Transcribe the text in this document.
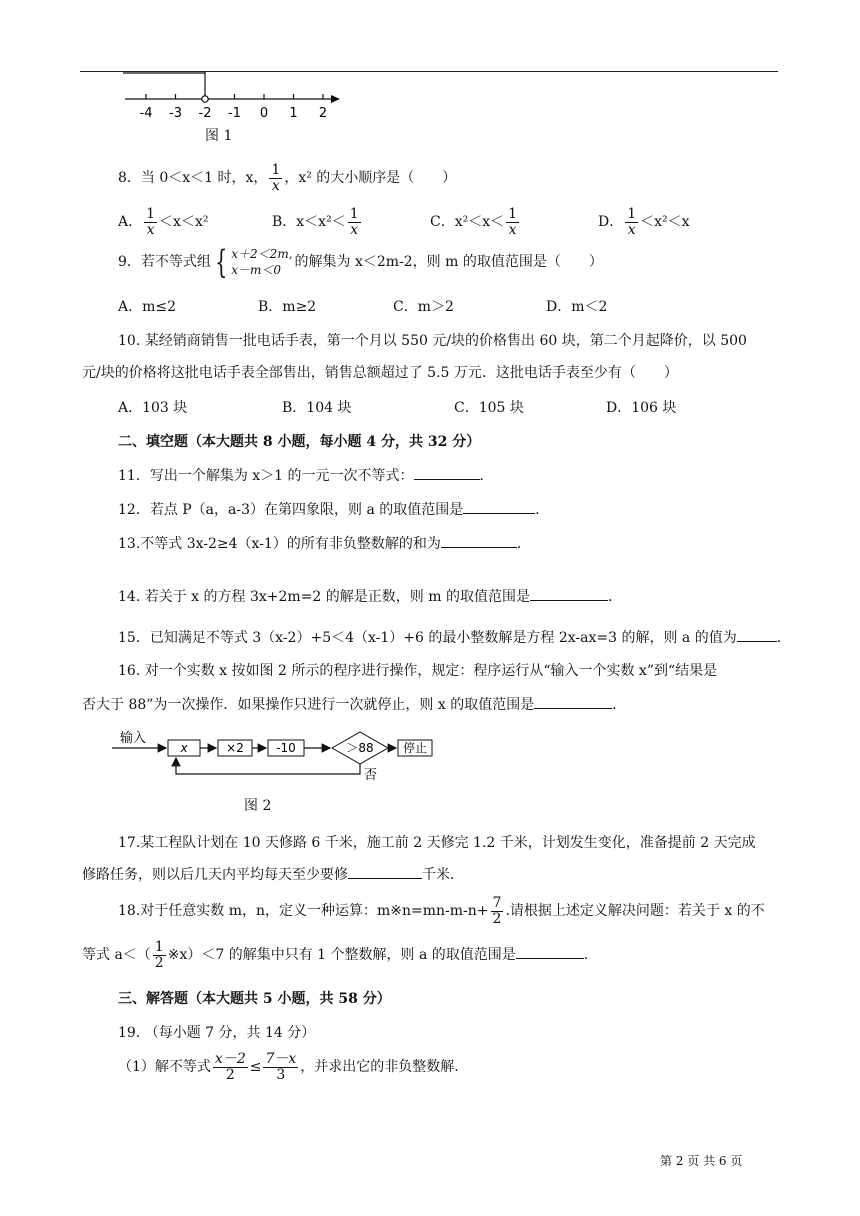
-4 -3 -2 -1 0 1 2
图 1
8．当 0＜x＜1 时，x， $\frac{1}{x}$ ，x² 的大小顺序是（　　）
A． $\frac{1}{x} <x<x^2$	B．$x<x^2< \frac{1}{x}$	C．$x^2<x< \frac{1}{x}$	D． $\frac{1}{x} <x^2<x$
9．若不等式组 { x＋2＜2m,
x－m＜0 的解集为 x＜2m-2，则 m 的取值范围是（　　）
A．m≤2	B．m≥2	C．m＞2	D．m＜2
10. 某经销商销售一批电话手表，第一个月以 550 元/块的价格售出 60 块，第二个月起降价，以 500
元/块的价格将这批电话手表全部售出，销售总额超过了 5.5 万元．这批电话手表至少有（　　）
A．103 块	B．104 块	C．105 块	D．106 块
二、填空题（本大题共 8 小题，每小题 4 分，共 32 分）
11．写出一个解集为 x＞1 的一元一次不等式：	．
12．若点 P（a，a-3）在第四象限，则 a 的取值范围是	．
13.不等式 3x-2≥4（x-1）的所有非负整数解的和为	．
14. 若关于 x 的方程 3x+2m=2 的解是正数，则 m 的取值范围是	．
15．已知满足不等式 3（x-2）+5＜4（x-1）+6 的最小整数解是方程 2x-ax=3 的解，则 a 的值为	．
16. 对一个实数 x 按如图 2 所示的程序进行操作，规定：程序运行从“输入一个实数 x”到“结果是
否大于 88”为一次操作．如果操作只进行一次就停止，则 x 的取值范围是	．
输入
x	×2	-10	＞88 停止
否
图 2
17.某工程队计划在 10 天修路 6 千米，施工前 2 天修完 1.2 千米，计划发生变化，准备提前 2 天完成
修路任务，则以后几天内平均每天至少要修	千米．
18.对于任意实数 m，n，定义一种运算：m※n=mn-m-n+ $\frac{7}{2}$ .请根据上述定义解决问题：若关于 x 的不
等式 $a<( \frac{1}{2}$ ※x）＜7 的解集中只有 1 个整数解，则 a 的取值范围是	．
三、解答题（本大题共 5 小题，共 58 分）
19. （每小题 7 分，共 14 分）
（1）解不等式 $\frac{x-2}{2} \le \frac{7-x}{3}$ ，并求出它的非负整数解.
第 2 页 共 6 页
